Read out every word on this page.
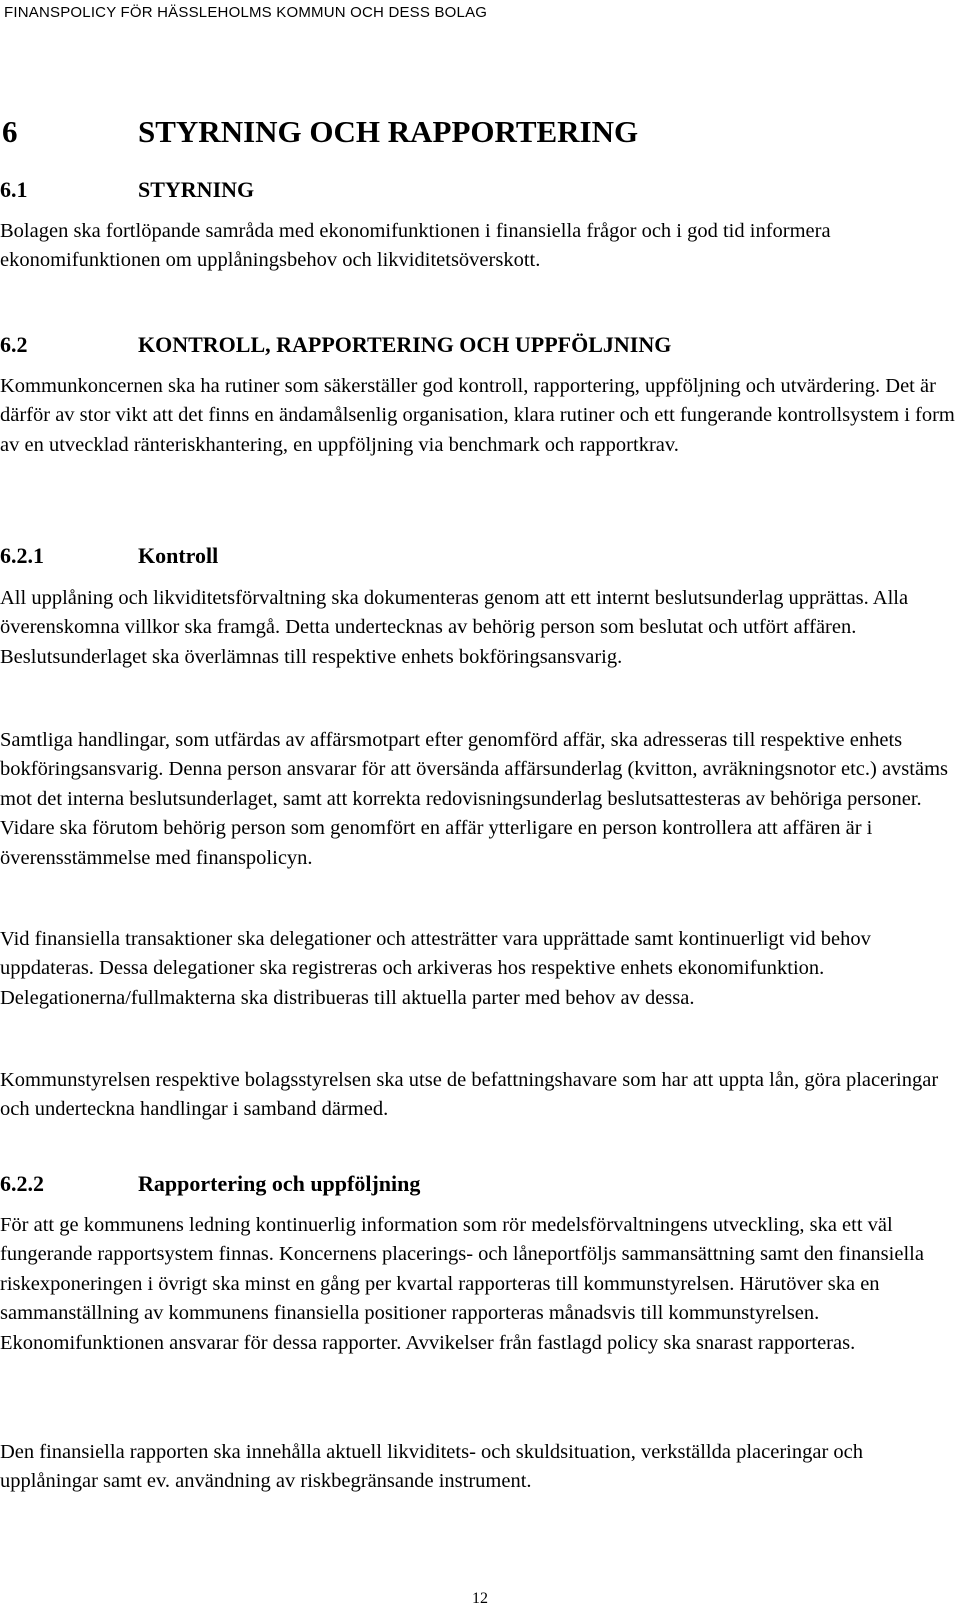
FINANSPOLICY FÖR HÄSSLEHOLMS KOMMUN OCH DESS BOLAG
6	STYRNING OCH RAPPORTERING
6.1	STYRNING

Bolagen ska fortlöpande samråda med ekonomifunktionen i finansiella frågor och i god tid informera ekonomifunktionen om upplåningsbehov och likviditetsöverskott.

6.2	KONTROLL, RAPPORTERING OCH UPPFÖLJNING

Kommunkoncernen ska ha rutiner som säkerställer god kontroll, rapportering, uppföljning och utvärdering. Det är därför av stor vikt att det finns en ändamålsenlig organisation, klara rutiner och ett fungerande kontrollsystem i form av en utvecklad ränteriskhantering, en uppföljning via benchmark och rapportkrav.

6.2.1	Kontroll

All upplåning och likviditetsförvaltning ska dokumenteras genom att ett internt beslutsunderlag upprättas. Alla överenskomna villkor ska framgå. Detta undertecknas av behörig person som beslutat och utfört affären. Beslutsunderlaget ska överlämnas till respektive enhets bokföringsansvarig.

Samtliga handlingar, som utfärdas av affärsmotpart efter genomförd affär, ska adresseras till respektive enhets bokföringsansvarig. Denna person ansvarar för att översända affärsunderlag (kvitton, avräkningsnotor etc.) avstäms mot det interna beslutsunderlaget, samt att korrekta redovisningsunderlag beslutsattesteras av behöriga personer. Vidare ska förutom behörig person som genomfört en affär ytterligare en person kontrollera att affären är i överensstämmelse med finanspolicyn.

Vid finansiella transaktioner ska delegationer och attesträtter vara upprättade samt kontinuerligt vid behov uppdateras. Dessa delegationer ska registreras och arkiveras hos respektive enhets ekonomifunktion. Delegationerna/fullmakterna ska distribueras till aktuella parter med behov av dessa.

Kommunstyrelsen respektive bolagsstyrelsen ska utse de befattningshavare som har att uppta lån, göra placeringar och underteckna handlingar i samband därmed.

6.2.2	Rapportering och uppföljning

För att ge kommunens ledning kontinuerlig information som rör medelsförvaltningens utveckling, ska ett väl fungerande rapportsystem finnas. Koncernens placerings- och låneportföljs sammansättning samt den finansiella riskexponeringen i övrigt ska minst en gång per kvartal rapporteras till kommunstyrelsen. Härutöver ska en sammanställning av kommunens finansiella positioner rapporteras månadsvis till kommunstyrelsen. Ekonomifunktionen ansvarar för dessa rapporter. Avvikelser från fastlagd policy ska snarast rapporteras.

Den finansiella rapporten ska innehålla aktuell likviditets- och skuldsituation, verkställda placeringar och upplåningar samt ev. användning av riskbegränsande instrument.

12
